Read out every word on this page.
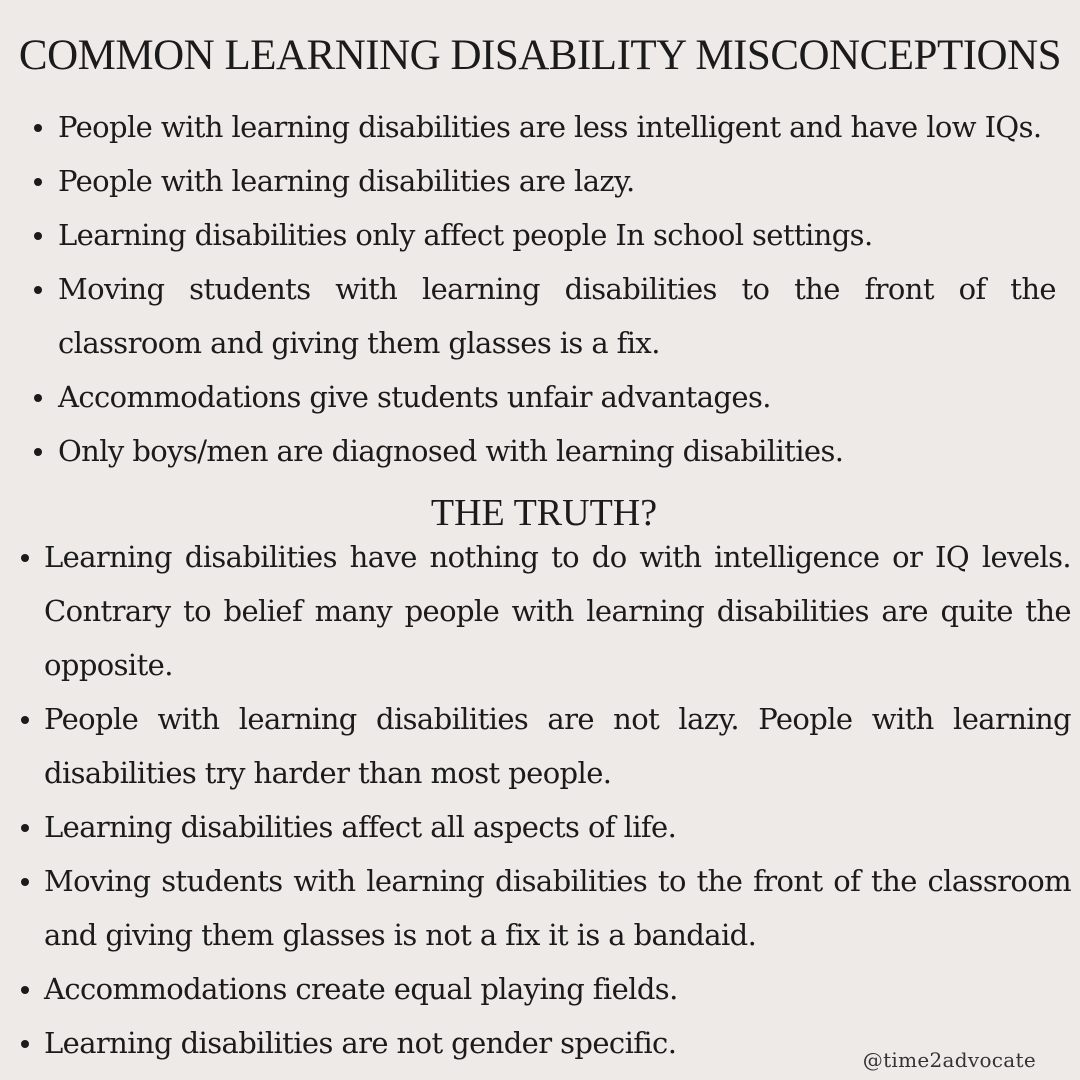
COMMON LEARNING DISABILITY MISCONCEPTIONS
People with learning disabilities are less intelligent and have low IQs.
People with learning disabilities are lazy.
Learning disabilities only affect people In school settings.
Moving students with learning disabilities to the front of the classroom and giving them glasses is a fix.
Accommodations give students unfair advantages.
Only boys/men are diagnosed with learning disabilities.
THE TRUTH?
Learning disabilities have nothing to do with intelligence or IQ levels. Contrary to belief many people with learning disabilities are quite the opposite.
People with learning disabilities are not lazy. People with learning disabilities try harder than most people.
Learning disabilities affect all aspects of life.
Moving students with learning disabilities to the front of the classroom and giving them glasses is not a fix it is a bandaid.
Accommodations create equal playing fields.
Learning disabilities are not gender specific.	@time2advocate
